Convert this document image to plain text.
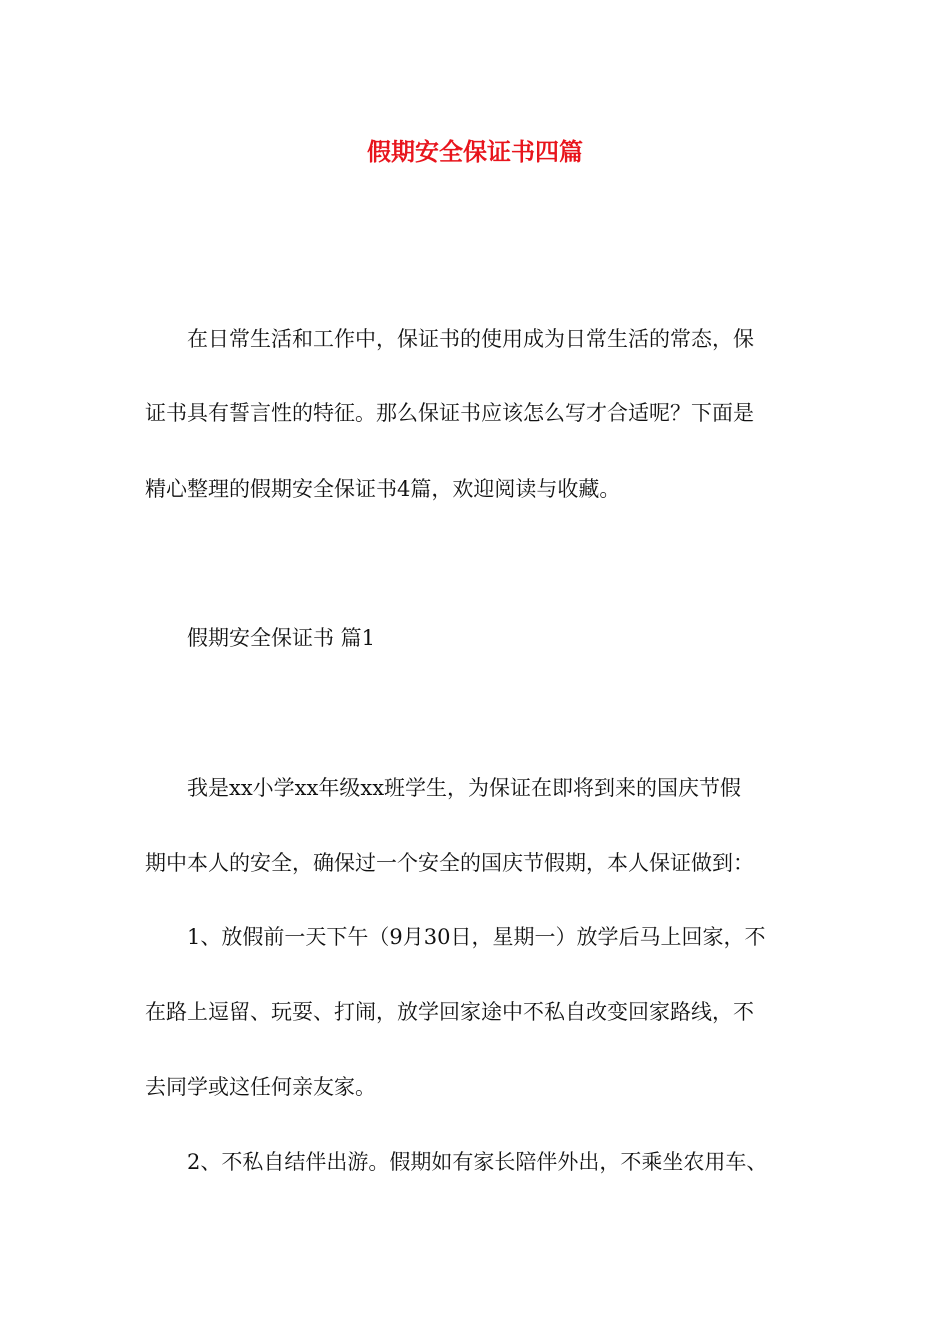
假期安全保证书四篇
在日常生活和工作中，保证书的使用成为日常生活的常态，保
证书具有誓言性的特征。那么保证书应该怎么写才合适呢？下面是
精心整理的假期安全保证书4篇，欢迎阅读与收藏。
假期安全保证书 篇1
我是xx小学xx年级xx班学生，为保证在即将到来的国庆节假
期中本人的安全，确保过一个安全的国庆节假期，本人保证做到：
1、放假前一天下午（9月30日，星期一）放学后马上回家，不
在路上逗留、玩耍、打闹，放学回家途中不私自改变回家路线，不
去同学或这任何亲友家。
2、不私自结伴出游。假期如有家长陪伴外出，不乘坐农用车、
